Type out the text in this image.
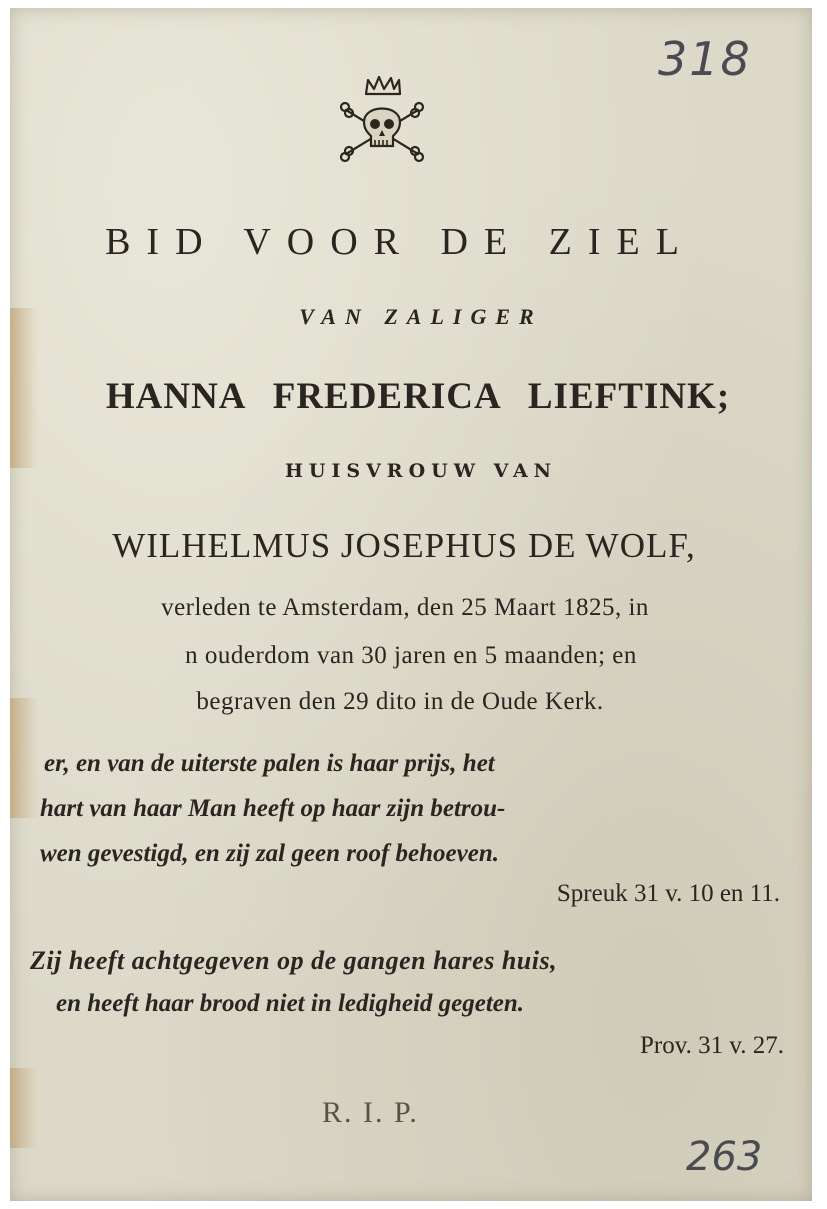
318

BID VOOR DE ZIEL

VAN ZALIGER

HANNA FREDERICA LIEFTINK;

HUISVROUW VAN

WILHELMUS JOSEPHUS DE WOLF,

verleden te Amsterdam, den 25 Maart 1825, in

n ouderdom van 30 jaren en 5 maanden; en

begraven den 29 dito in de Oude Kerk.

er, en van de uiterste palen is haar prijs, het

hart van haar Man heeft op haar zijn betrou-

wen gevestigd, en zij zal geen roof behoeven.

Spreuk 31 v. 10 en 11.

Zij heeft achtgegeven op de gangen hares huis,

en heeft haar brood niet in ledigheid gegeten.

Prov. 31 v. 27.

R. I. P.

263
